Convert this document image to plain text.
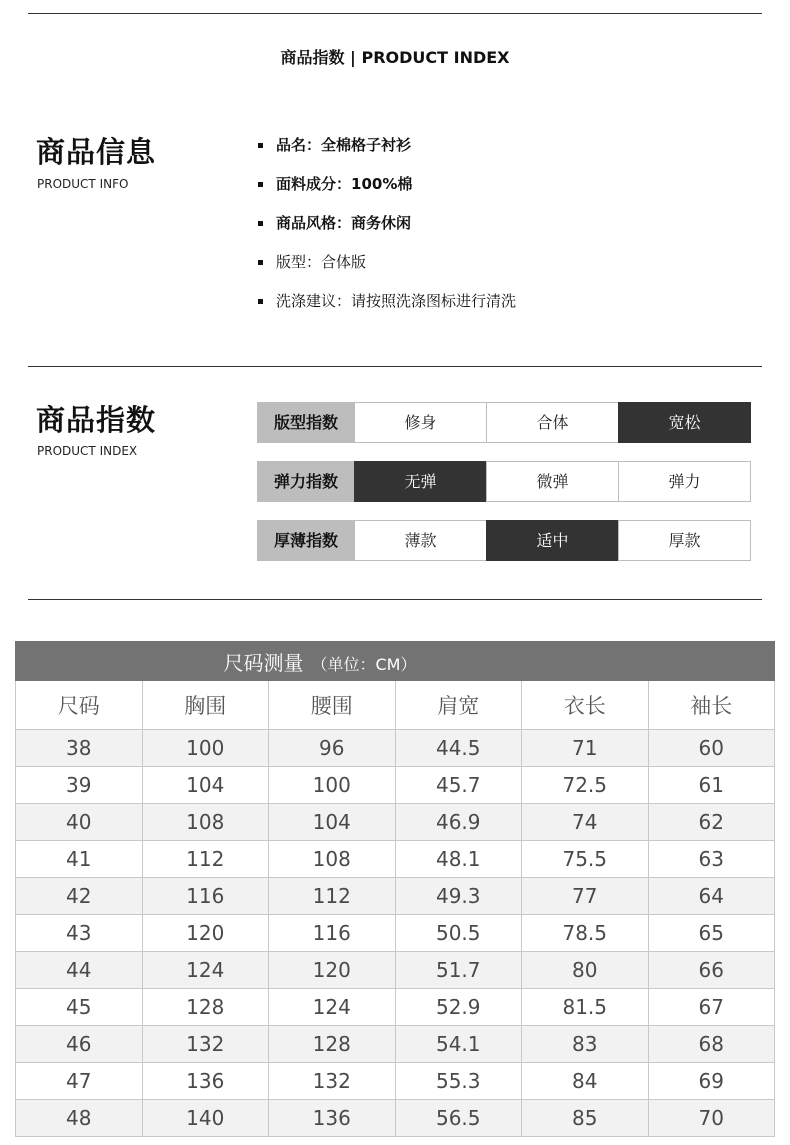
商品指数 | PRODUCT INDEX
商品信息
PRODUCT INFO
品名： 全棉格子衬衫
面料成分： 100%棉
商品风格： 商务休闲
版型： 合体版
洗涤建议： 请按照洗涤图标进行清洗
商品指数
PRODUCT INDEX
版型指数	修身	合体	宽松
弹力指数	无弹	微弹	弹力
厚薄指数	薄款	适中	厚款
尺码测量 （单位：CM）					
尺码	胸围	腰围	肩宽	衣长	袖长
38	100	96	44.5	71	60
39	104	100	45.7	72.5	61
40	108	104	46.9	74	62
41	112	108	48.1	75.5	63
42	116	112	49.3	77	64
43	120	116	50.5	78.5	65
44	124	120	51.7	80	66
45	128	124	52.9	81.5	67
46	132	128	54.1	83	68
47	136	132	55.3	84	69
48	140	136	56.5	85	70
